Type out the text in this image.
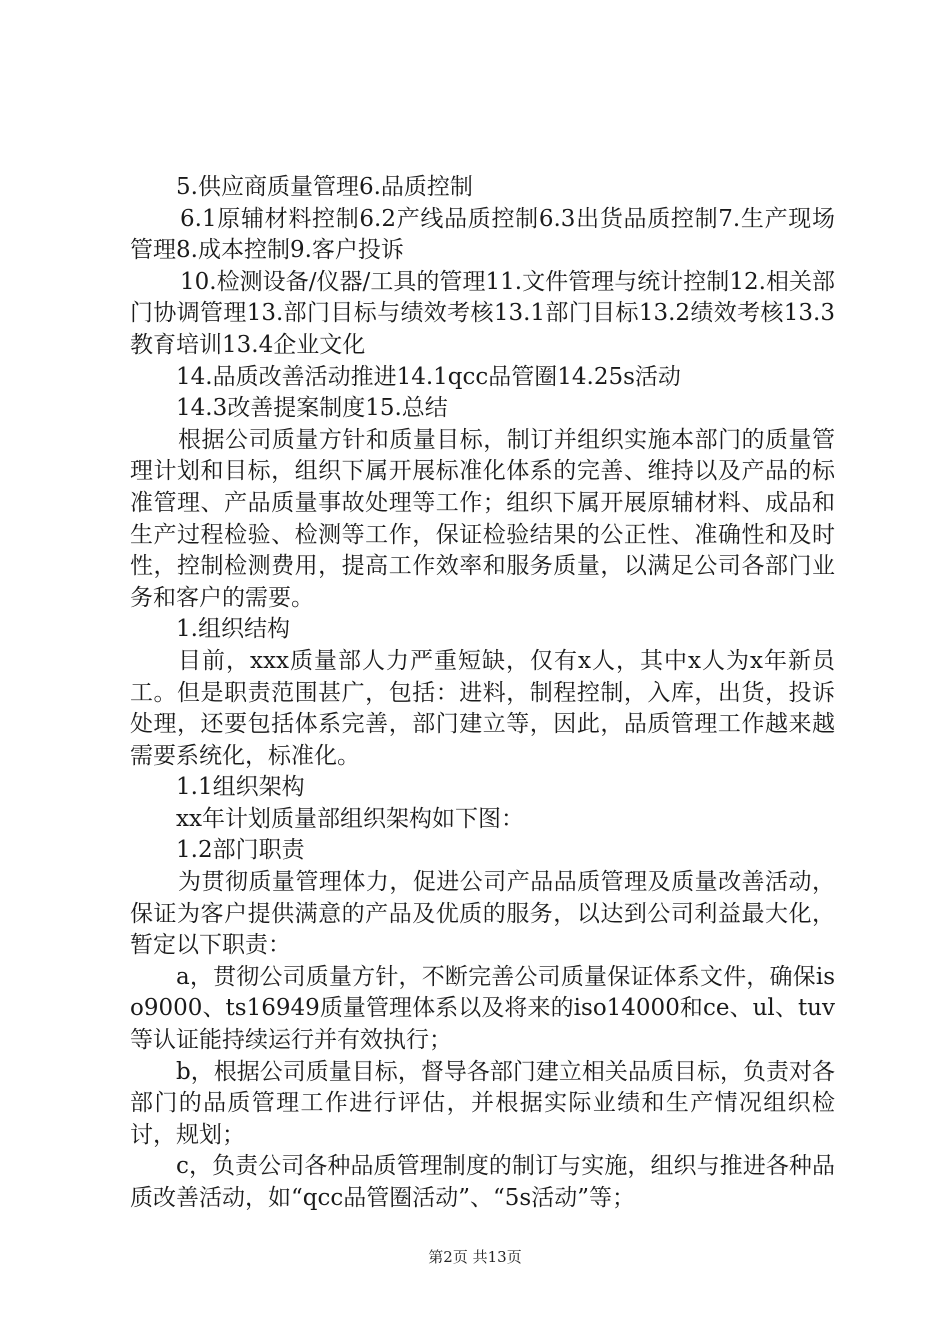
5.供应商质量管理6.品质控制

6.1原辅材料控制6.2产线品质控制6.3出货品质控制7.生产现场管理8.成本控制9.客户投诉

10.检测设备/仪器/工具的管理11.文件管理与统计控制12.相关部门协调管理13.部门目标与绩效考核13.1部门目标13.2绩效考核13.3教育培训13.4企业文化

14.品质改善活动推进14.1qcc品管圈14.25s活动

14.3改善提案制度15.总结

根据公司质量方针和质量目标，制订并组织实施本部门的质量管理计划和目标，组织下属开展标准化体系的完善、维持以及产品的标准管理、产品质量事故处理等工作；组织下属开展原辅材料、成品和生产过程检验、检测等工作，保证检验结果的公正性、准确性和及时性，控制检测费用，提高工作效率和服务质量，以满足公司各部门业务和客户的需要。

1.组织结构

目前，xxx质量部人力严重短缺，仅有x人，其中x人为x年新员工。但是职责范围甚广，包括：进料，制程控制，入库，出货，投诉处理，还要包括体系完善，部门建立等，因此，品质管理工作越来越需要系统化，标准化。

1.1组织架构

xx年计划质量部组织架构如下图：

1.2部门职责

为贯彻质量管理体力，促进公司产品品质管理及质量改善活动，保证为客户提供满意的产品及优质的服务，以达到公司利益最大化，暂定以下职责：

a，贯彻公司质量方针，不断完善公司质量保证体系文件，确保iso9000、ts16949质量管理体系以及将来的iso14000和ce、ul、tuv等认证能持续运行并有效执行；

b，根据公司质量目标，督导各部门建立相关品质目标，负责对各部门的品质管理工作进行评估，并根据实际业绩和生产情况组织检讨，规划；

c，负责公司各种品质管理制度的制订与实施，组织与推进各种品质改善活动，如“qcc品管圈活动”、“5s活动”等；

第2页 共13页
